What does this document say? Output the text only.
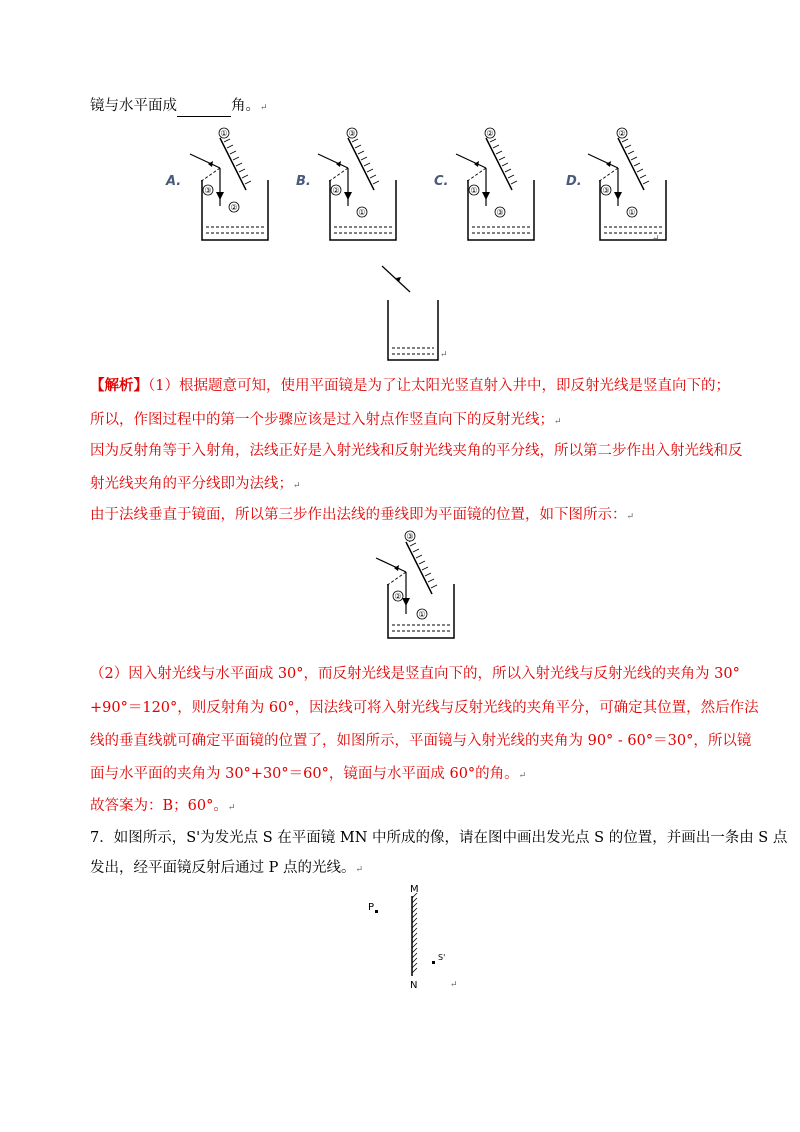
镜与水平面成	角。↵
A.	B.	C.	D.
①
③
②
③
②
①
②
①
③
②
③
①
↵
↵
【解析】（1）根据题意可知，使用平面镜是为了让太阳光竖直射入井中，即反射光线是竖直向下的；
所以，作图过程中的第一个步骤应该是过入射点作竖直向下的反射光线；↵
因为反射角等于入射角，法线正好是入射光线和反射光线夹角的平分线，所以第二步作出入射光线和反
射光线夹角的平分线即为法线；↵
由于法线垂直于镜面，所以第三步作出法线的垂线即为平面镜的位置，如下图所示：↵
③
②
①
（2）因入射光线与水平面成 30°，而反射光线是竖直向下的，所以入射光线与反射光线的夹角为 30°
+90°＝120°，则反射角为 60°，因法线可将入射光线与反射光线的夹角平分，可确定其位置，然后作法
线的垂直线就可确定平面镜的位置了，如图所示，平面镜与入射光线的夹角为 90° - 60°＝30°，所以镜
面与水平面的夹角为 30°+30°＝60°，镜面与水平面成 60°的角。↵
故答案为：B；60°。↵
7．如图所示，S'为发光点 S 在平面镜 MN 中所成的像，请在图中画出发光点 S 的位置，并画出一条由 S 点
发出，经平面镜反射后通过 P 点的光线。↵
M
N
P
S'
↵
